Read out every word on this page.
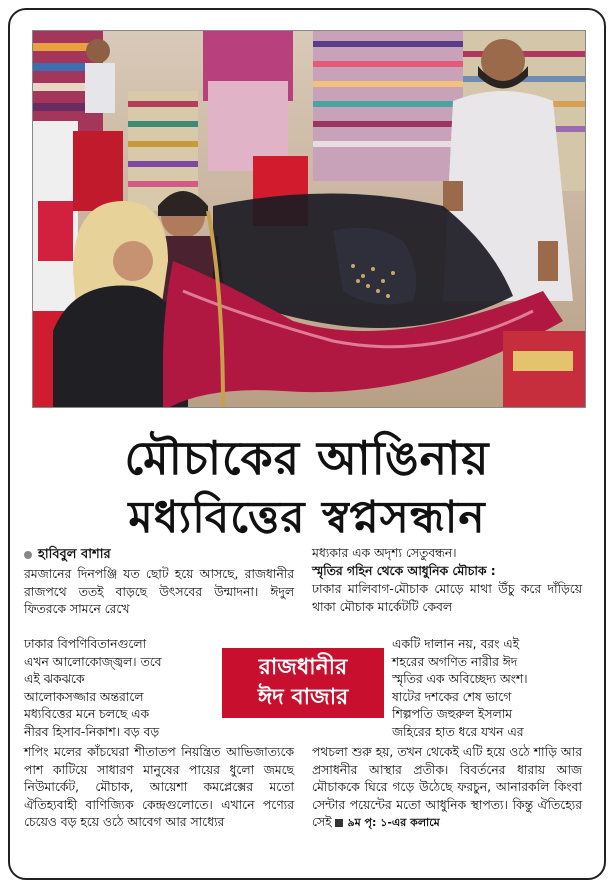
মৌচাকের আঙিনায়
মধ্যবিত্তের স্বপ্নসন্ধান
হাবিবুল বাশার
রমজানের দিনপঞ্জি যত ছোট হয়ে আসছে, রাজধানীর রাজপথে ততই বাড়ছে উৎসবের উন্মাদনা। ঈদুল ফিতরকে সামনে রেখে
ঢাকার বিপণিবিতানগুলো
এখন আলোকোজ্জ্বল। তবে
এই ঝকঝকে
আলোকসজ্জার অন্তরালে
মধ্যবিত্তের মনে চলছে এক
নীরব হিসাব-নিকাশ। বড় বড়
শপিং মলের কাঁচঘেরা শীতাতপ নিয়ন্ত্রিত আভিজাত্যকে পাশ কাটিয়ে সাধারণ মানুষের পায়ের ধুলো জমছে নিউমার্কেট, মৌচাক, আয়েশা কমপ্লেক্সের মতো ঐতিহ্যবাহী বাণিজ্যিক কেন্দ্রগুলোতে। এখানে পণ্যের চেয়েও বড় হয়ে ওঠে আবেগ আর সাধ্যের
মধ্যকার এক অদৃশ্য সেতুবন্ধন।
স্মৃতির গহিন থেকে আধুনিক মৌচাক :
ঢাকার মালিবাগ-মৌচাক মোড়ে মাথা উঁচু করে দাঁড়িয়ে থাকা মৌচাক মার্কেটটি কেবল
একটি দালান নয়, বরং এই
শহরের অগণিত নারীর ঈদ
স্মৃতির এক অবিচ্ছেদ্য অংশ।
ষাটের দশকের শেষ ভাগে
শিল্পপতি জহুরুল ইসলাম
জহিরের হাত ধরে যখন এর
পথচলা শুরু হয়, তখন থেকেই এটি হয়ে ওঠে শাড়ি আর প্রসাধনীর আস্থার প্রতীক। বিবর্তনের ধারায় আজ মৌচাককে ঘিরে গড়ে উঠেছে ফরচুন, আনারকলি কিংবা সেন্টার পয়েন্টের মতো আধুনিক স্থাপত্য। কিন্তু ঐতিহ্যের সেই ৯ম পৃ: ১-এর কলামে
রাজধানীর
ঈদ বাজার
